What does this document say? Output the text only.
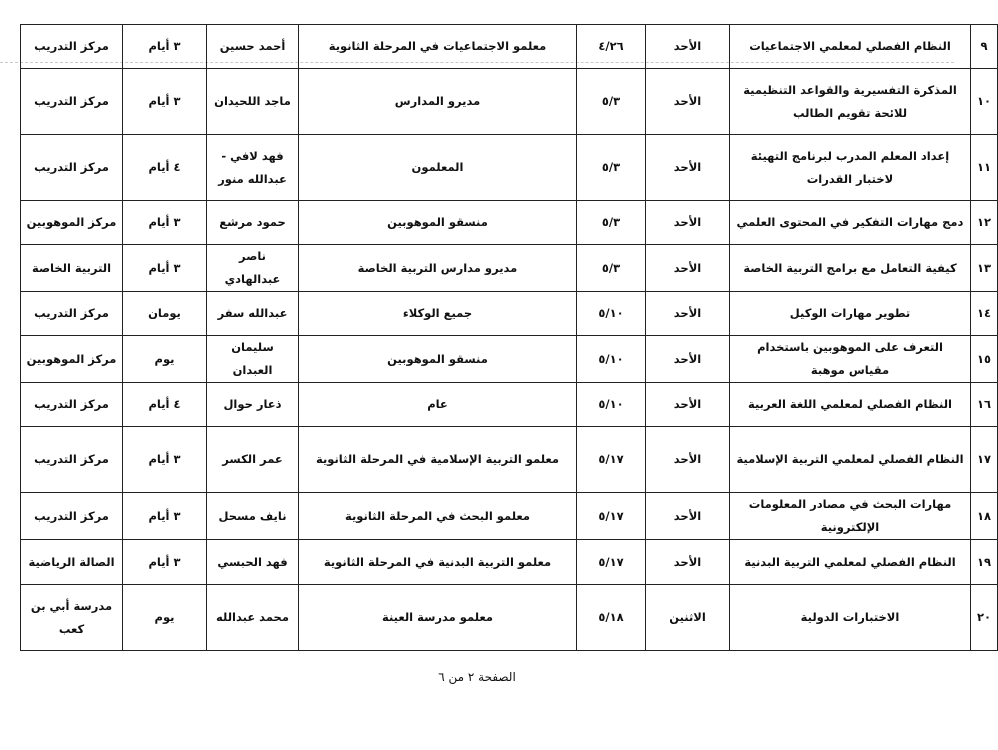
٩	النظام الفصلي لمعلمي الاجتماعيات	الأحد	٤/٢٦	معلمو الاجتماعيات في المرحلة الثانوية	أحمد حسين	٣ أيام	مركز التدريب
١٠	المذكرة التفسيرية والقواعد التنظيمية للائحة تقويم الطالب	الأحد	٥/٣	مديرو المدارس	ماجد اللحيدان	٣ أيام	مركز التدريب
١١	إعداد المعلم المدرب لبرنامج التهيئة لاختبار القدرات	الأحد	٥/٣	المعلمون	فهد لافي - عبدالله منور	٤ أيام	مركز التدريب
١٢	دمج مهارات التفكير في المحتوى العلمي	الأحد	٥/٣	منسقو الموهوبين	حمود مرشع	٣ أيام	مركز الموهوبين
١٣	كيفية التعامل مع برامج التربية الخاصة	الأحد	٥/٣	مديرو مدارس التربية الخاصة	ناصر عبدالهادي	٣ أيام	التربية الخاصة
١٤	تطوير مهارات الوكيل	الأحد	٥/١٠	جميع الوكلاء	عبدالله سفر	يومان	مركز التدريب
١٥	التعرف على الموهوبين باستخدام مقياس موهبة	الأحد	٥/١٠	منسقو الموهوبين	سليمان العبدان	يوم	مركز الموهوبين
١٦	النظام الفصلي لمعلمي اللغة العربية	الأحد	٥/١٠	عام	ذعار حوال	٤ أيام	مركز التدريب
١٧	النظام الفصلي لمعلمي التربية الإسلامية	الأحد	٥/١٧	معلمو التربية الإسلامية في المرحلة الثانوية	عمر الكسر	٣ أيام	مركز التدريب
١٨	مهارات البحث في مصادر المعلومات الإلكترونية	الأحد	٥/١٧	معلمو البحث في المرحلة الثانوية	نايف مسحل	٣ أيام	مركز التدريب
١٩	النظام الفصلي لمعلمي التربية البدنية	الأحد	٥/١٧	معلمو التربية البدنية في المرحلة الثانوية	فهد الحبسي	٣ أيام	الصالة الرياضية
٢٠	الاختبارات الدولية	الاثنين	٥/١٨	معلمو مدرسة العينة	محمد عبدالله	يوم	مدرسة أبي بن كعب
الصفحة ٢ من ٦
